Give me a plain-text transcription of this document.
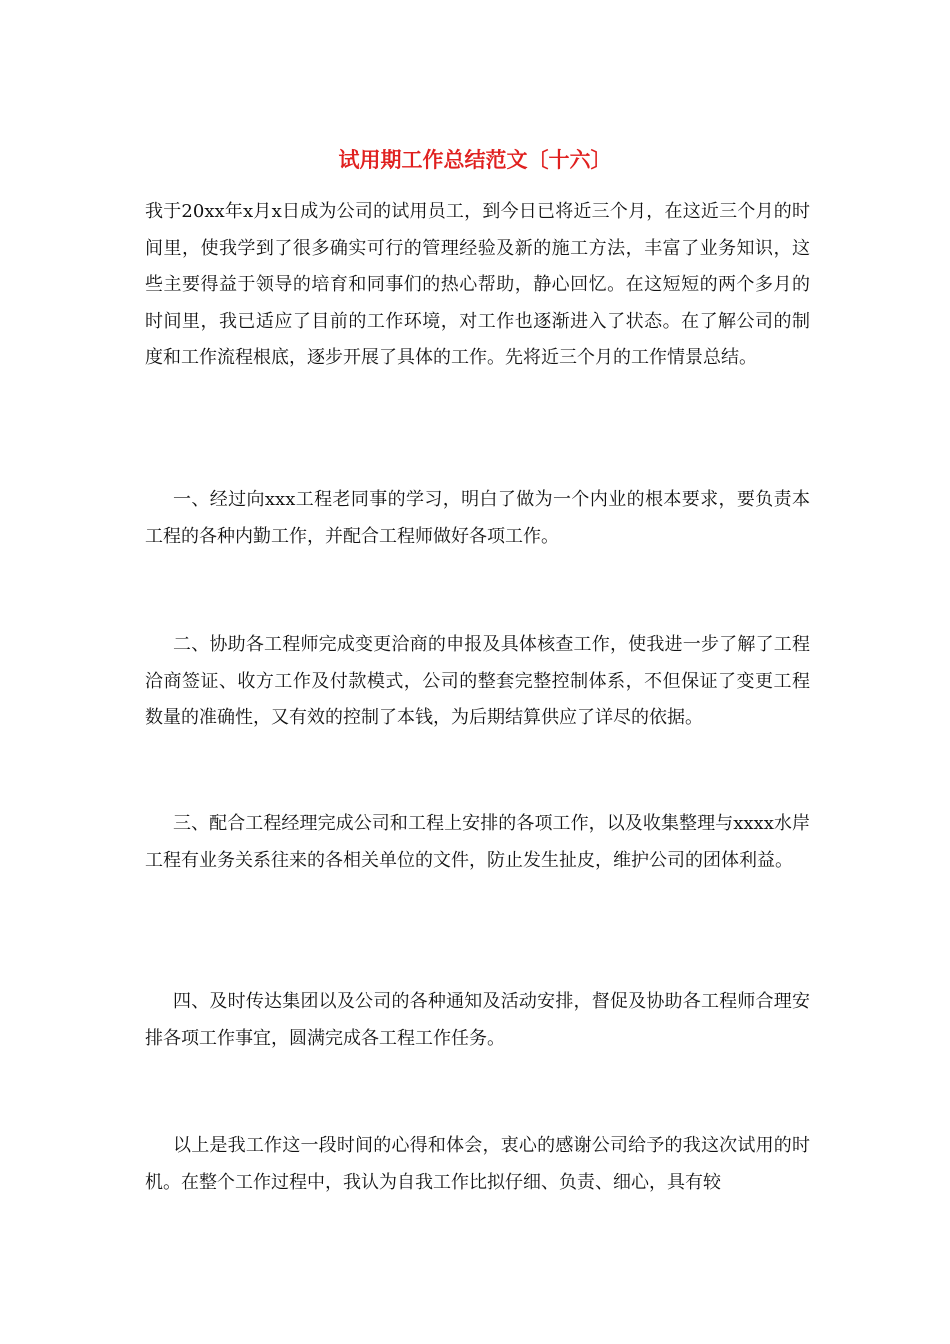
试用期工作总结范文〔十六〕

我于20xx年x月x日成为公司的试用员工，到今日已将近三个月，在这近三个月的时间里，使我学到了很多确实可行的管理经验及新的施工方法，丰富了业务知识，这些主要得益于领导的培育和同事们的热心帮助，静心回忆。在这短短的两个多月的时间里，我已适应了目前的工作环境，对工作也逐渐进入了状态。在了解公司的制度和工作流程根底，逐步开展了具体的工作。先将近三个月的工作情景总结。

一、经过向xxx工程老同事的学习，明白了做为一个内业的根本要求，要负责本工程的各种内勤工作，并配合工程师做好各项工作。

二、协助各工程师完成变更洽商的申报及具体核查工作，使我进一步了解了工程洽商签证、收方工作及付款模式，公司的整套完整控制体系，不但保证了变更工程数量的准确性，又有效的控制了本钱，为后期结算供应了详尽的依据。

三、配合工程经理完成公司和工程上安排的各项工作，以及收集整理与xxxx水岸工程有业务关系往来的各相关单位的文件，防止发生扯皮，维护公司的团体利益。

四、及时传达集团以及公司的各种通知及活动安排，督促及协助各工程师合理安排各项工作事宜，圆满完成各工程工作任务。

以上是我工作这一段时间的心得和体会，衷心的感谢公司给予的我这次试用的时机。在整个工作过程中，我认为自我工作比拟仔细、负责、细心，具有较
